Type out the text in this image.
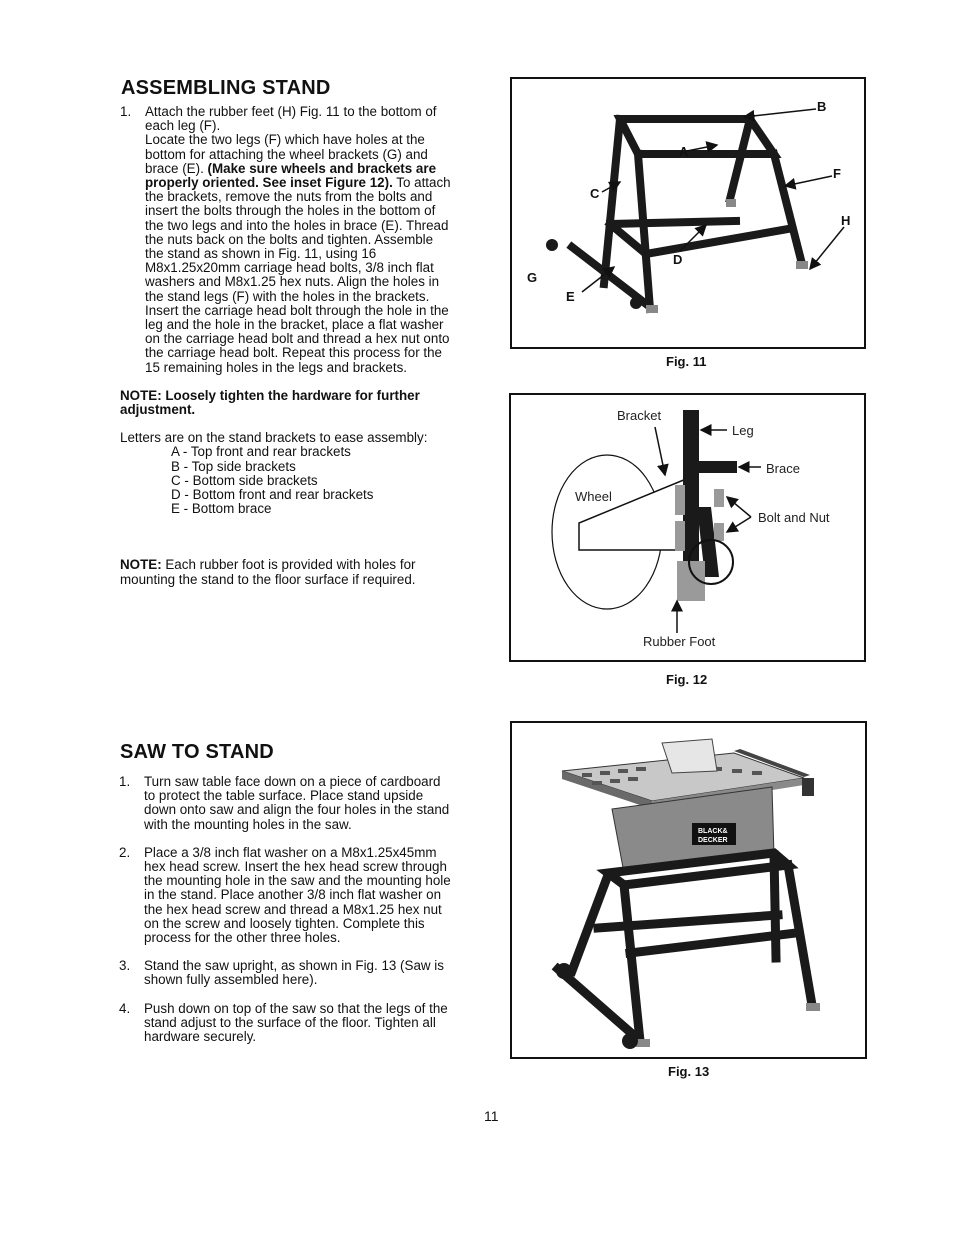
ASSEMBLING STAND
1. Attach the rubber feet (H) Fig. 11 to the bottom of
each leg (F).
Locate the two legs (F) which have holes at the
bottom for attaching the wheel brackets (G) and
brace (E). (Make sure wheels and brackets are
properly oriented. See inset Figure 12). To attach
the brackets, remove the nuts from the bolts and
insert the bolts through the holes in the bottom of
the two legs and into the holes in brace (E). Thread
the nuts back on the bolts and tighten. Assemble
the stand as shown in Fig. 11, using 16
M8x1.25x20mm carriage head bolts, 3/8 inch flat
washers and M8x1.25 hex nuts. Align the holes in
the stand legs (F) with the holes in the brackets.
Insert the carriage head bolt through the hole in the
leg and the hole in the bracket, place a flat washer
on the carriage head bolt and thread a hex nut onto
the carriage head bolt. Repeat this process for the
15 remaining holes in the legs and brackets.
NOTE: Loosely tighten the hardware for further
adjustment.
Letters are on the stand brackets to ease assembly:
A - Top front and rear brackets
B - Top side brackets
C - Bottom side brackets
D - Bottom front and rear brackets
E - Bottom brace
NOTE: Each rubber foot is provided with holes for
mounting the stand to the floor surface if required.
SAW TO STAND
1. Turn saw table face down on a piece of cardboard
to protect the table surface. Place stand upside
down onto saw and align the four holes in the stand
with the mounting holes in the saw.
2. Place a 3/8 inch flat washer on a M8x1.25x45mm
hex head screw. Insert the hex head screw through
the mounting hole in the saw and the mounting hole
in the stand. Place another 3/8 inch flat washer on
the hex head screw and thread a M8x1.25 hex nut
on the screw and loosely tighten. Complete this
process for the other three holes.
3. Stand the saw upright, as shown in Fig. 13 (Saw is
shown fully assembled here).
4. Push down on top of the saw so that the legs of the
stand adjust to the surface of the floor. Tighten all
hardware securely.
B
A
F
C
H
D
G
E
Fig. 11
Bracket
Leg
Brace
Wheel
Bolt and Nut
Rubber Foot
Fig. 12
BLACK&
DECKER
Fig. 13
11
